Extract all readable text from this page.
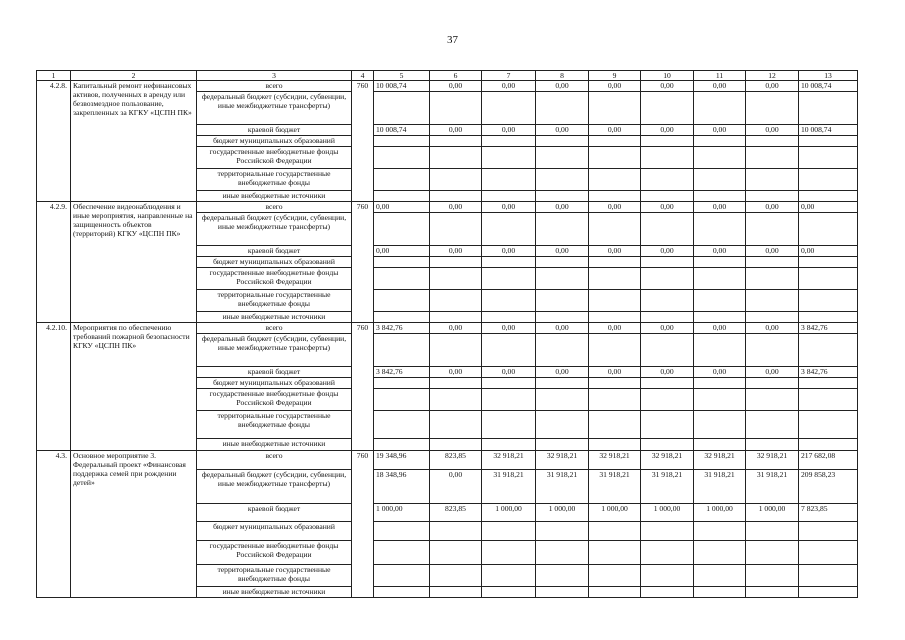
37
1	2	3	4	5	6	7	8	9	10	11	12	13
4.2.8.	Капитальный ремонт нефинансовых активов, полученных в аренду или безвозмездное пользование, закрепленных за КГКУ «ЦСПН ПК»	всего	760	10 008,74	0,00	0,00	0,00	0,00	0,00	0,00	0,00	10 008,74
		федеральный бюджет (субсидии, субвенции, иные межбюджетные трансферты)										
		краевой бюджет		10 008,74	0,00	0,00	0,00	0,00	0,00	0,00	0,00	10 008,74
		бюджет муниципальных образований										
		государственные внебюджетные фонды Российской Федерации										
		территориальные государственные внебюджетные фонды										
		иные внебюджетные источники										
4.2.9.	Обеспечение видеонаблюдения и иные мероприятия, направленные на защищенность объектов (территорий) КГКУ «ЦСПН ПК»	всего	760	0,00	0,00	0,00	0,00	0,00	0,00	0,00	0,00	0,00
		федеральный бюджет (субсидии, субвенции, иные межбюджетные трансферты)										
		краевой бюджет		0,00	0,00	0,00	0,00	0,00	0,00	0,00	0,00	0,00
		бюджет муниципальных образований										
		государственные внебюджетные фонды Российской Федерации										
		территориальные государственные внебюджетные фонды										
		иные внебюджетные источники										
4.2.10.	Мероприятия по обеспечению требований пожарной безопасности КГКУ «ЦСПН ПК»	всего	760	3 842,76	0,00	0,00	0,00	0,00	0,00	0,00	0,00	3 842,76
		федеральный бюджет (субсидии, субвенции, иные межбюджетные трансферты)										
		краевой бюджет		3 842,76	0,00	0,00	0,00	0,00	0,00	0,00	0,00	3 842,76
		бюджет муниципальных образований										
		государственные внебюджетные фонды Российской Федерации										
		территориальные государственные внебюджетные фонды										
		иные внебюджетные источники										
4.3.	Основное мероприятие 3. Федеральный проект «Финансовая поддержка семей при рождении детей»	всего	760	19 348,96	823,85	32 918,21	32 918,21	32 918,21	32 918,21	32 918,21	32 918,21	217 682,08
		федеральный бюджет (субсидии, субвенции, иные межбюджетные трансферты)		18 348,96	0,00	31 918,21	31 918,21	31 918,21	31 918,21	31 918,21	31 918,21	209 858,23
		краевой бюджет		1 000,00	823,85	1 000,00	1 000,00	1 000,00	1 000,00	1 000,00	1 000,00	7 823,85
		бюджет муниципальных образований										
		государственные внебюджетные фонды Российской Федерации										
		территориальные государственные внебюджетные фонды										
		иные внебюджетные источники										
